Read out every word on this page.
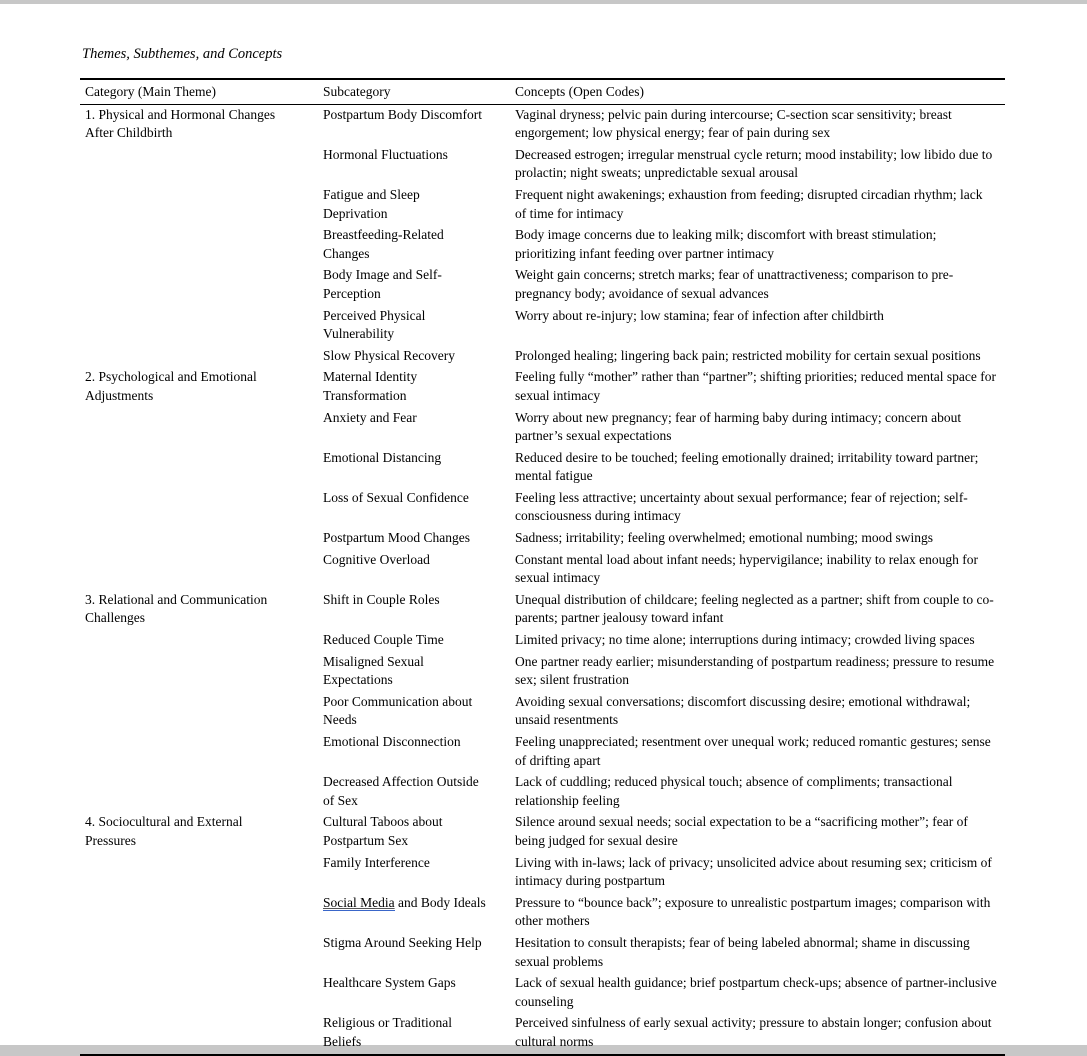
Themes, Subthemes, and Concepts
Category (Main Theme)	Subcategory	Concepts (Open Codes)
1. Physical and Hormonal Changes After Childbirth	Postpartum Body Discomfort	Vaginal dryness; pelvic pain during intercourse; C-section scar sensitivity; breast engorgement; low physical energy; fear of pain during sex
	Hormonal Fluctuations	Decreased estrogen; irregular menstrual cycle return; mood instability; low libido due to prolactin; night sweats; unpredictable sexual arousal
	Fatigue and Sleep Deprivation	Frequent night awakenings; exhaustion from feeding; disrupted circadian rhythm; lack of time for intimacy
	Breastfeeding-Related Changes	Body image concerns due to leaking milk; discomfort with breast stimulation; prioritizing infant feeding over partner intimacy
	Body Image and Self-Perception	Weight gain concerns; stretch marks; fear of unattractiveness; comparison to pre-pregnancy body; avoidance of sexual advances
	Perceived Physical Vulnerability	Worry about re-injury; low stamina; fear of infection after childbirth
	Slow Physical Recovery	Prolonged healing; lingering back pain; restricted mobility for certain sexual positions
2. Psychological and Emotional Adjustments	Maternal Identity Transformation	Feeling fully “mother” rather than “partner”; shifting priorities; reduced mental space for sexual intimacy
	Anxiety and Fear	Worry about new pregnancy; fear of harming baby during intimacy; concern about partner’s sexual expectations
	Emotional Distancing	Reduced desire to be touched; feeling emotionally drained; irritability toward partner; mental fatigue
	Loss of Sexual Confidence	Feeling less attractive; uncertainty about sexual performance; fear of rejection; self-consciousness during intimacy
	Postpartum Mood Changes	Sadness; irritability; feeling overwhelmed; emotional numbing; mood swings
	Cognitive Overload	Constant mental load about infant needs; hypervigilance; inability to relax enough for sexual intimacy
3. Relational and Communication Challenges	Shift in Couple Roles	Unequal distribution of childcare; feeling neglected as a partner; shift from couple to co-parents; partner jealousy toward infant
	Reduced Couple Time	Limited privacy; no time alone; interruptions during intimacy; crowded living spaces
	Misaligned Sexual Expectations	One partner ready earlier; misunderstanding of postpartum readiness; pressure to resume sex; silent frustration
	Poor Communication about Needs	Avoiding sexual conversations; discomfort discussing desire; emotional withdrawal; unsaid resentments
	Emotional Disconnection	Feeling unappreciated; resentment over unequal work; reduced romantic gestures; sense of drifting apart
	Decreased Affection Outside of Sex	Lack of cuddling; reduced physical touch; absence of compliments; transactional relationship feeling
4. Sociocultural and External Pressures	Cultural Taboos about Postpartum Sex	Silence around sexual needs; social expectation to be a “sacrificing mother”; fear of being judged for sexual desire
	Family Interference	Living with in-laws; lack of privacy; unsolicited advice about resuming sex; criticism of intimacy during postpartum
	Social Media and Body Ideals	Pressure to “bounce back”; exposure to unrealistic postpartum images; comparison with other mothers
	Stigma Around Seeking Help	Hesitation to consult therapists; fear of being labeled abnormal; shame in discussing sexual problems
	Healthcare System Gaps	Lack of sexual health guidance; brief postpartum check-ups; absence of partner-inclusive counseling
	Religious or Traditional Beliefs	Perceived sinfulness of early sexual activity; pressure to abstain longer; confusion about cultural norms
